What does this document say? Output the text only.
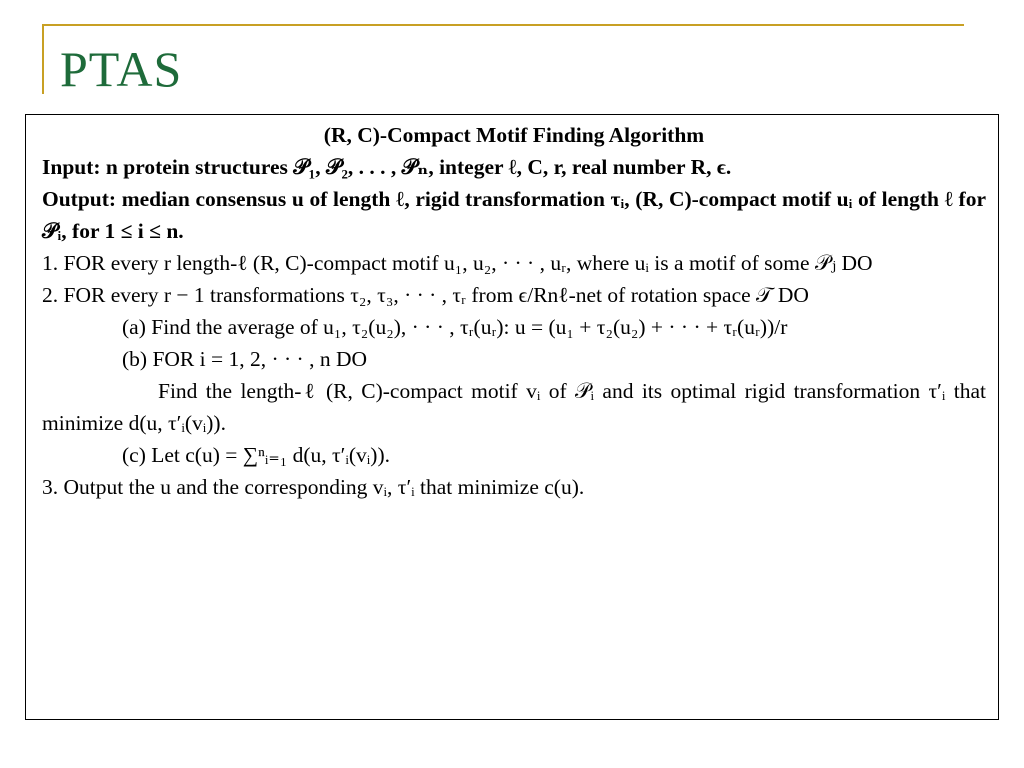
PTAS
(R, C)-Compact Motif Finding Algorithm
Input: n protein structures 𝒫₁, 𝒫₂, . . . , 𝒫ₙ, integer ℓ, C, r, real number R, ϵ.
Output: median consensus u of length ℓ, rigid transformation τᵢ, (R, C)-compact motif uᵢ of length ℓ for 𝒫ᵢ, for 1 ≤ i ≤ n.
1. FOR every r length-ℓ (R, C)-compact motif u₁, u₂, · · · , uᵣ, where uᵢ is a motif of some 𝒫ⱼ DO
2. FOR every r − 1 transformations τ₂, τ₃, · · · , τᵣ from ϵ/Rnℓ-net of rotation space 𝒯 DO
(a) Find the average of u₁, τ₂(u₂), · · · , τᵣ(uᵣ): u = (u₁ + τ₂(u₂) + · · · + τᵣ(uᵣ))/r
(b) FOR i = 1, 2, · · · , n DO
Find the length-ℓ (R, C)-compact motif vᵢ of 𝒫ᵢ and its optimal rigid transformation τ′ᵢ that minimize d(u, τ′ᵢ(vᵢ)).
(c) Let c(u) = ∑ⁿᵢ₌₁ d(u, τ′ᵢ(vᵢ)).
3. Output the u and the corresponding vᵢ, τ′ᵢ that minimize c(u).
